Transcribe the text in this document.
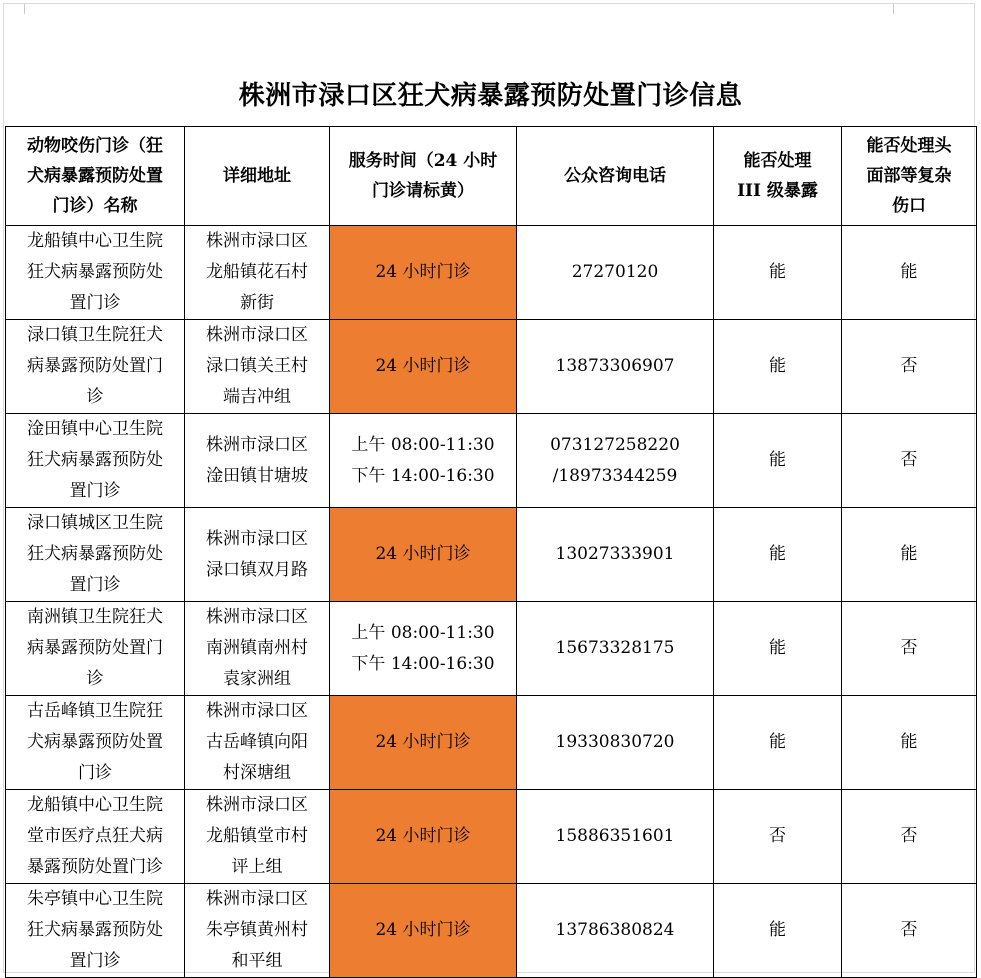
株洲市渌口区狂犬病暴露预防处置门诊信息
动物咬伤门诊（狂
犬病暴露预防处置
门诊）名称	详细地址	服务时间（24 小时
门诊请标黄）	公众咨询电话	能否处理
III 级暴露	能否处理头
面部等复杂
伤口

龙船镇中心卫生院
狂犬病暴露预防处
置门诊	株洲市渌口区
龙船镇花石村
新街	24 小时门诊	27270120	能	能

渌口镇卫生院狂犬
病暴露预防处置门
诊	株洲市渌口区
渌口镇关王村
端吉冲组	24 小时门诊	13873306907	能	否

淦田镇中心卫生院
狂犬病暴露预防处
置门诊	株洲市渌口区
淦田镇甘塘坡	上午 08:00-11:30
下午 14:00-16:30	073127258220
/18973344259	能	否

渌口镇城区卫生院
狂犬病暴露预防处
置门诊	株洲市渌口区
渌口镇双月路	24 小时门诊	13027333901	能	能

南洲镇卫生院狂犬
病暴露预防处置门
诊	株洲市渌口区
南洲镇南州村
袁家洲组	上午 08:00-11:30
下午 14:00-16:30	15673328175	能	否

古岳峰镇卫生院狂
犬病暴露预防处置
门诊	株洲市渌口区
古岳峰镇向阳
村深塘组	24 小时门诊	19330830720	能	能

龙船镇中心卫生院
堂市医疗点狂犬病
暴露预防处置门诊	株洲市渌口区
龙船镇堂市村
评上组	24 小时门诊	15886351601	否	否

朱亭镇中心卫生院
狂犬病暴露预防处
置门诊	株洲市渌口区
朱亭镇黄州村
和平组	24 小时门诊	13786380824	能	否
